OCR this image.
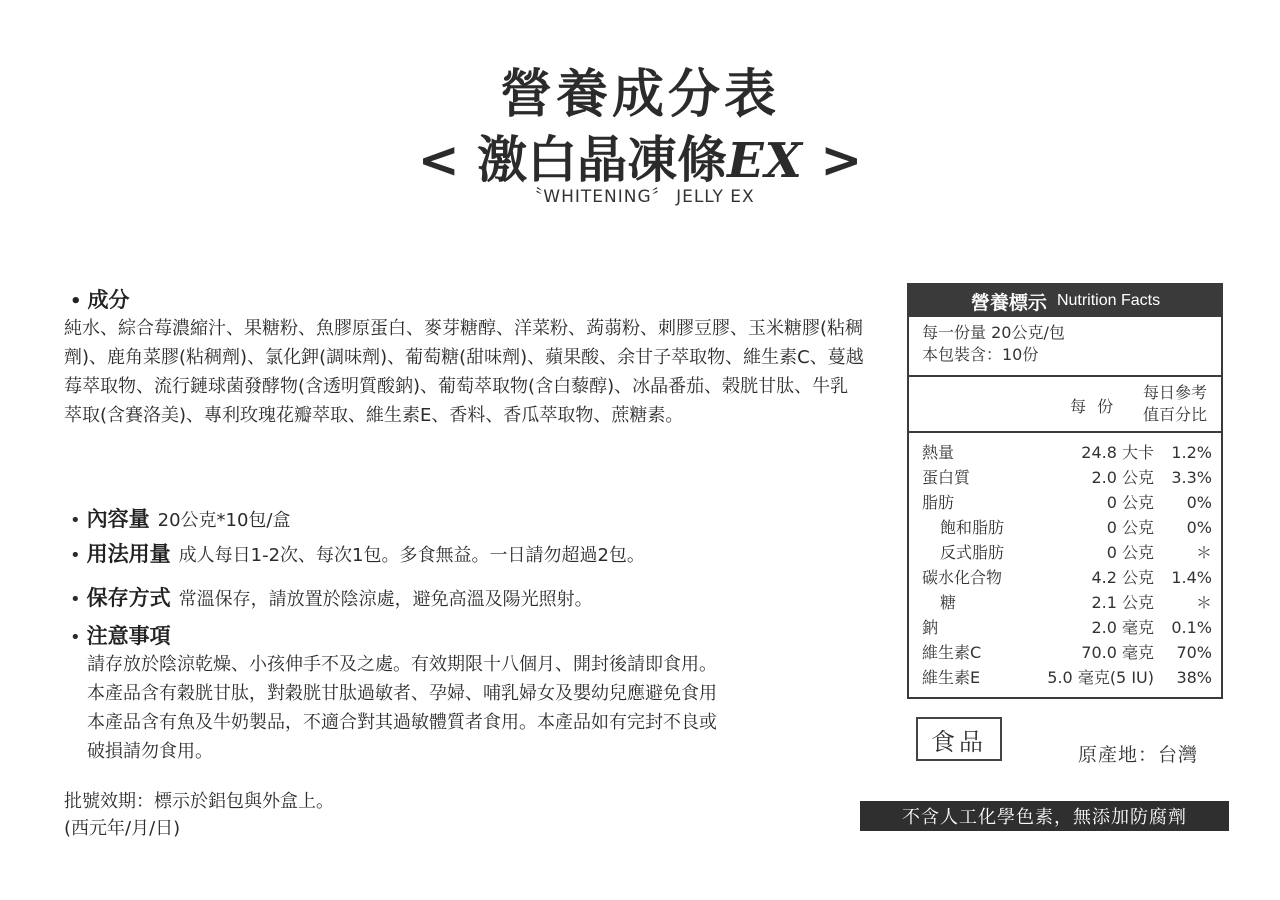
營養成分表
< 激白晶凍條EX >
〝WHITENING〞 JELLY EX
• 成分
純水、綜合莓濃縮汁、果糖粉、魚膠原蛋白、麥芽糖醇、洋菜粉、蒟蒻粉、刺膠豆膠、玉米糖膠(粘稠劑)、鹿角菜膠(粘稠劑)、氯化鉀(調味劑)、葡萄糖(甜味劑)、蘋果酸、余甘子萃取物、維生素C、蔓越莓萃取物、流行鏈球菌發酵物(含透明質酸鈉)、葡萄萃取物(含白藜醇)、冰晶番茄、榖胱甘肽、牛乳萃取(含賽洛美)、專利玫瑰花瓣萃取、維生素E、香料、香瓜萃取物、蔗糖素。
• 內容量 20公克*10包/盒
• 用法用量 成人每日1-2次、每次1包。多食無益。一日請勿超過2包。
• 保存方式 常溫保存，請放置於陰涼處，避免高溫及陽光照射。
• 注意事項
請存放於陰涼乾燥、小孩伸手不及之處。有效期限十八個月、開封後請即食用。
本產品含有穀胱甘肽，對穀胱甘肽過敏者、孕婦、哺乳婦女及嬰幼兒應避免食用
本產品含有魚及牛奶製品，不適合對其過敏體質者食用。本產品如有完封不良或
破損請勿食用。
批號效期：標示於鋁包與外盒上。
(西元年/月/日)
營養標示 Nutrition Facts
每一份量 20公克/包
本包裝含：10份
每 份
每日參考
值百分比
熱量	24.8 大卡	1.2%
蛋白質	2.0 公克	3.3%
脂肪	0 公克	0%
飽和脂肪	0 公克	0%
反式脂肪	0 公克	＊
碳水化合物	4.2 公克	1.4%
糖	2.1 公克	＊
鈉	2.0 毫克	0.1%
維生素C	70.0 毫克	70%
維生素E	5.0 毫克(5 IU)	38%
食品	原產地：台灣
不含人工化學色素，無添加防腐劑
